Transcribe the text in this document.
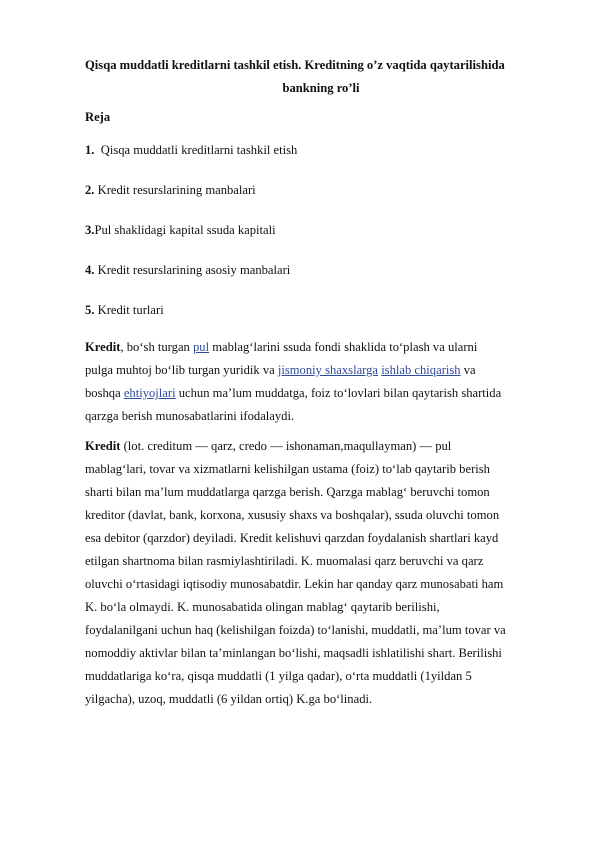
Qisqa muddatli kreditlarni tashkil etish. Kreditning o’z vaqtida qaytarilishida
bankning ro’li
Reja
1.  Qisqa muddatli kreditlarni tashkil etish
2. Kredit resurslarining manbalari
3.Pul shaklidagi kapital ssuda kapitali
4. Kredit resurslarining asosiy manbalari
5. Kredit turlari
Kredit, boʻsh turgan pul mablagʻlarini ssuda fondi shaklida toʻplash va ularni
pulga muhtoj boʻlib turgan yuridik va jismoniy shaxslarga ishlab chiqarish va
boshqa ehtiyojlari uchun maʼlum muddatga, foiz toʻlovlari bilan qaytarish shartida
qarzga berish munosabatlarini ifodalaydi.
Kredit (lot. creditum — qarz, credo — ishonaman,maqullayman) — pul
mablagʻlari, tovar va xizmatlarni kelishilgan ustama (foiz) toʻlab qaytarib berish
sharti bilan maʼlum muddatlarga qarzga berish. Qarzga mablagʻ beruvchi tomon
kreditor (davlat, bank, korxona, xususiy shaxs va boshqalar), ssuda oluvchi tomon
esa debitor (qarzdor) deyiladi. Kredit kelishuvi qarzdan foydalanish shartlari kayd
etilgan shartnoma bilan rasmiylashtiriladi. K. muomalasi qarz beruvchi va qarz
oluvchi oʻrtasidagi iqtisodiy munosabatdir. Lekin har qanday qarz munosabati ham
K. boʻla olmaydi. K. munosabatida olingan mablagʻ qaytarib berilishi,
foydalanilgani uchun haq (kelishilgan foizda) toʻlanishi, muddatli, maʼlum tovar va
nomoddiy aktivlar bilan taʼminlangan boʻlishi, maqsadli ishlatilishi shart. Berilishi
muddatlariga koʻra, qisqa muddatli (1 yilga qadar), oʻrta muddatli (1yildan 5
yilgacha), uzoq, muddatli (6 yildan ortiq) K.ga boʻlinadi.
